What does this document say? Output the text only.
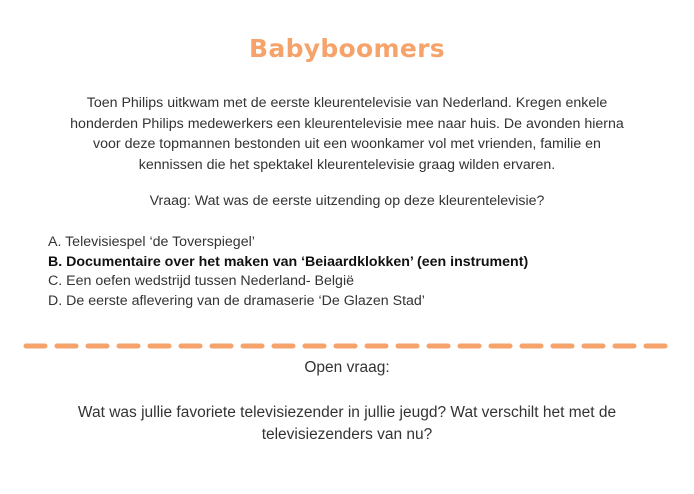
Babyboomers

Toen Philips uitkwam met de eerste kleurentelevisie van Nederland. Kregen enkele

honderden Philips medewerkers een kleurentelevisie mee naar huis. De avonden hierna

voor deze topmannen bestonden uit een woonkamer vol met vrienden, familie en

kennissen die het spektakel kleurentelevisie graag wilden ervaren.

Vraag: Wat was de eerste uitzending op deze kleurentelevisie?
A. Televisiespel ‘de Toverspiegel’
B. Documentaire over het maken van ‘Beiaardklokken’ (een instrument)
C. Een oefen wedstrijd tussen Nederland- België
D. De eerste aflevering van de dramaserie ‘De Glazen Stad’
Open vraag:
Wat was jullie favoriete televisiezender in jullie jeugd? Wat verschilt het met de
televisiezenders van nu?
